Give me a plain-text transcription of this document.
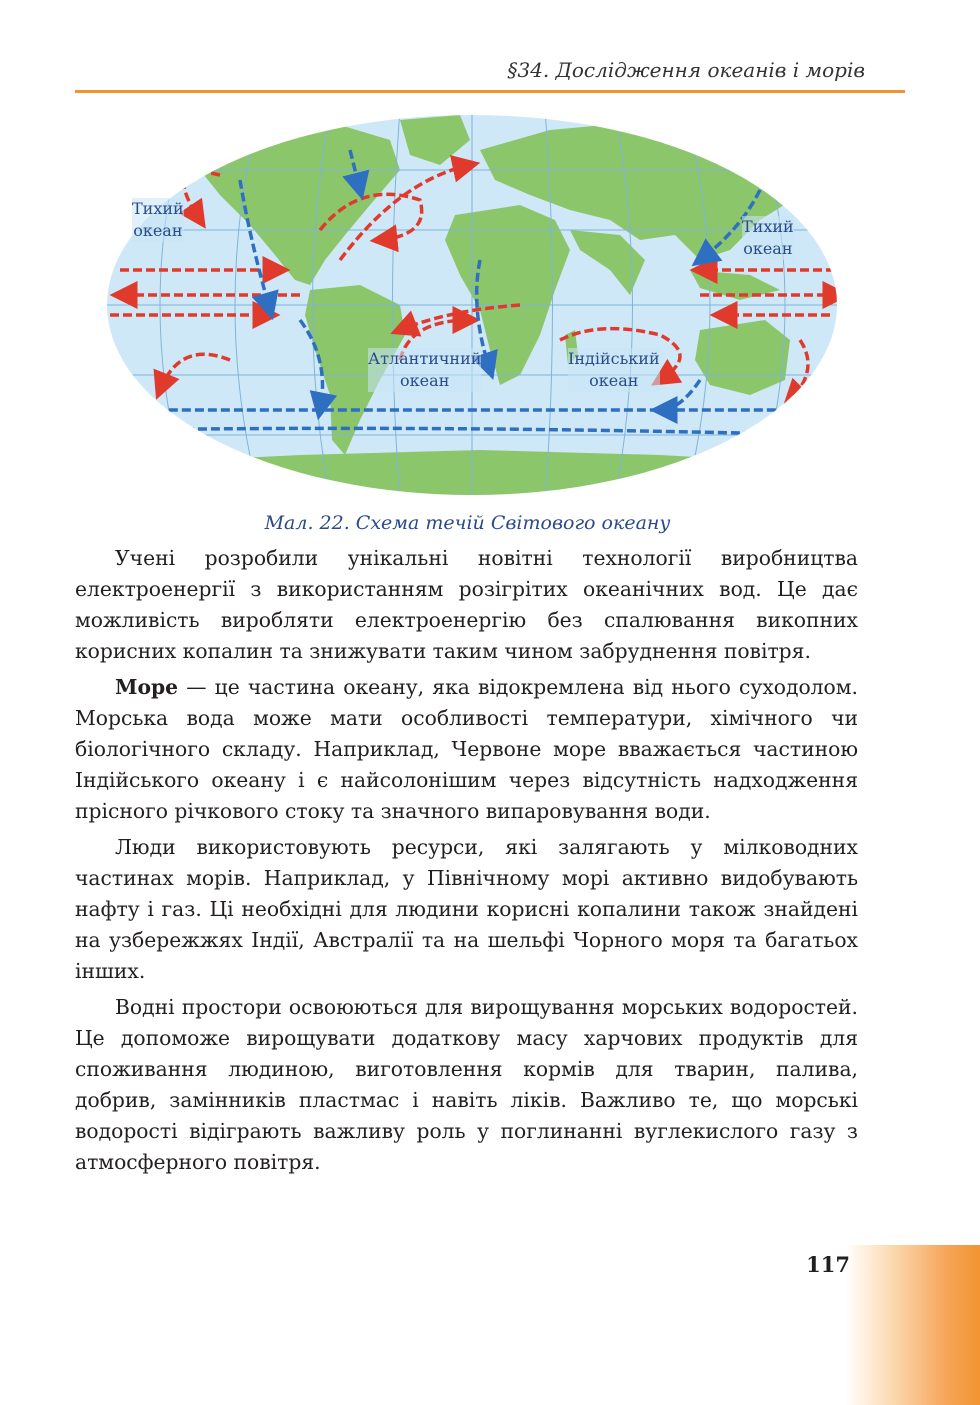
§34. Дослідження океанів і морів
Тихий
океан	Тихий
океан
Атлантичний
океан
Індійський
океан
Мал. 22. Схема течій Світового океану

Учені розробили унікальні новітні технології виробництва електроенергії з використанням розігрітих океанічних вод. Це дає можливість виробляти електроенергію без спалювання викопних корисних копалин та знижувати таким чином забруднення повітря.

Море — це частина океану, яка відокремлена від нього суходолом. Морська вода може мати особливості температури, хімічного чи біологічного складу. Наприклад, Червоне море вважається частиною Індійського океану і є найсолонішим через відсутність надходження прісного річкового стоку та значного випаровування води.

Люди використовують ресурси, які залягають у мілководних частинах морів. Наприклад, у Північному морі активно видобувають нафту і газ. Ці необхідні для людини корисні копалини також знайдені на узбережжях Індії, Австралії та на шельфі Чорного моря та багатьох інших.

Водні простори освоюються для вирощування морських водоростей. Це допоможе вирощувати додаткову масу харчових продуктів для споживання людиною, виготовлення кормів для тварин, палива, добрив, замінників пластмас і навіть ліків. Важливо те, що морські водорості відіграють важливу роль у поглинанні вуглекислого газу з атмосферного повітря.

117
